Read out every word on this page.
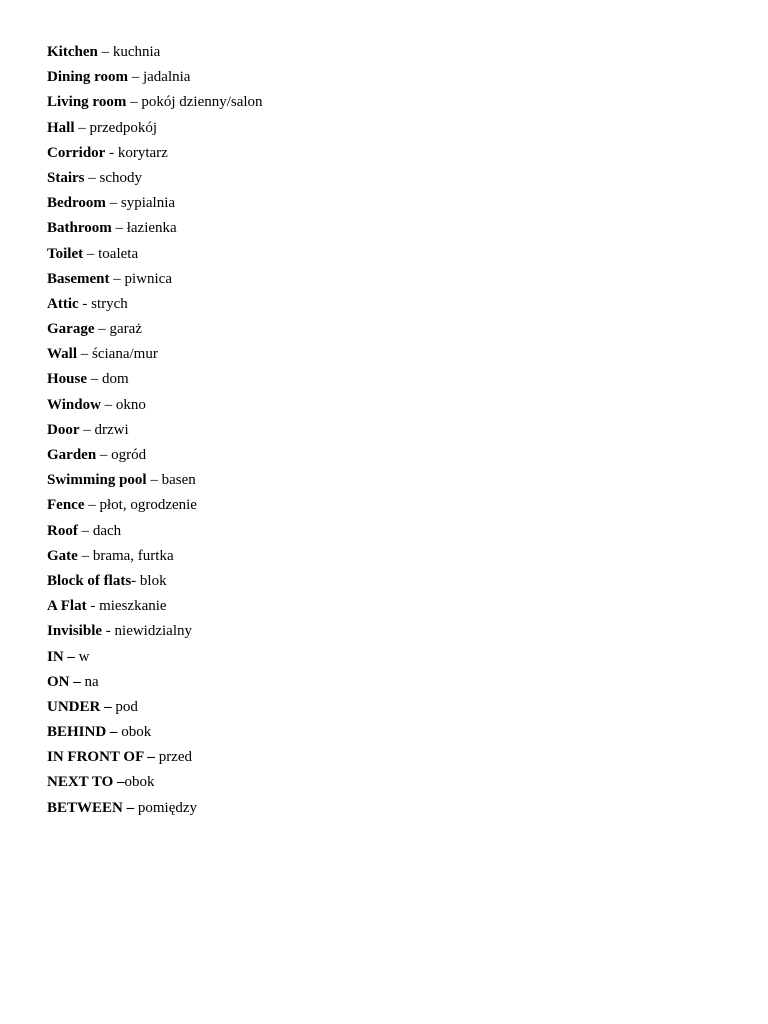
Kitchen – kuchnia
Dining room – jadalnia
Living room – pokój dzienny/salon
Hall – przedpokój
Corridor - korytarz
Stairs – schody
Bedroom – sypialnia
Bathroom – łazienka
Toilet – toaleta
Basement – piwnica
Attic - strych
Garage – garaż
Wall – ściana/mur
House – dom
Window – okno
Door – drzwi
Garden – ogród
Swimming pool – basen
Fence – płot, ogrodzenie
Roof – dach
Gate – brama, furtka
Block of flats- blok
A Flat - mieszkanie
Invisible - niewidzialny
IN – w
ON – na
UNDER – pod
BEHIND – obok
IN FRONT OF – przed
NEXT TO –obok
BETWEEN – pomiędzy
